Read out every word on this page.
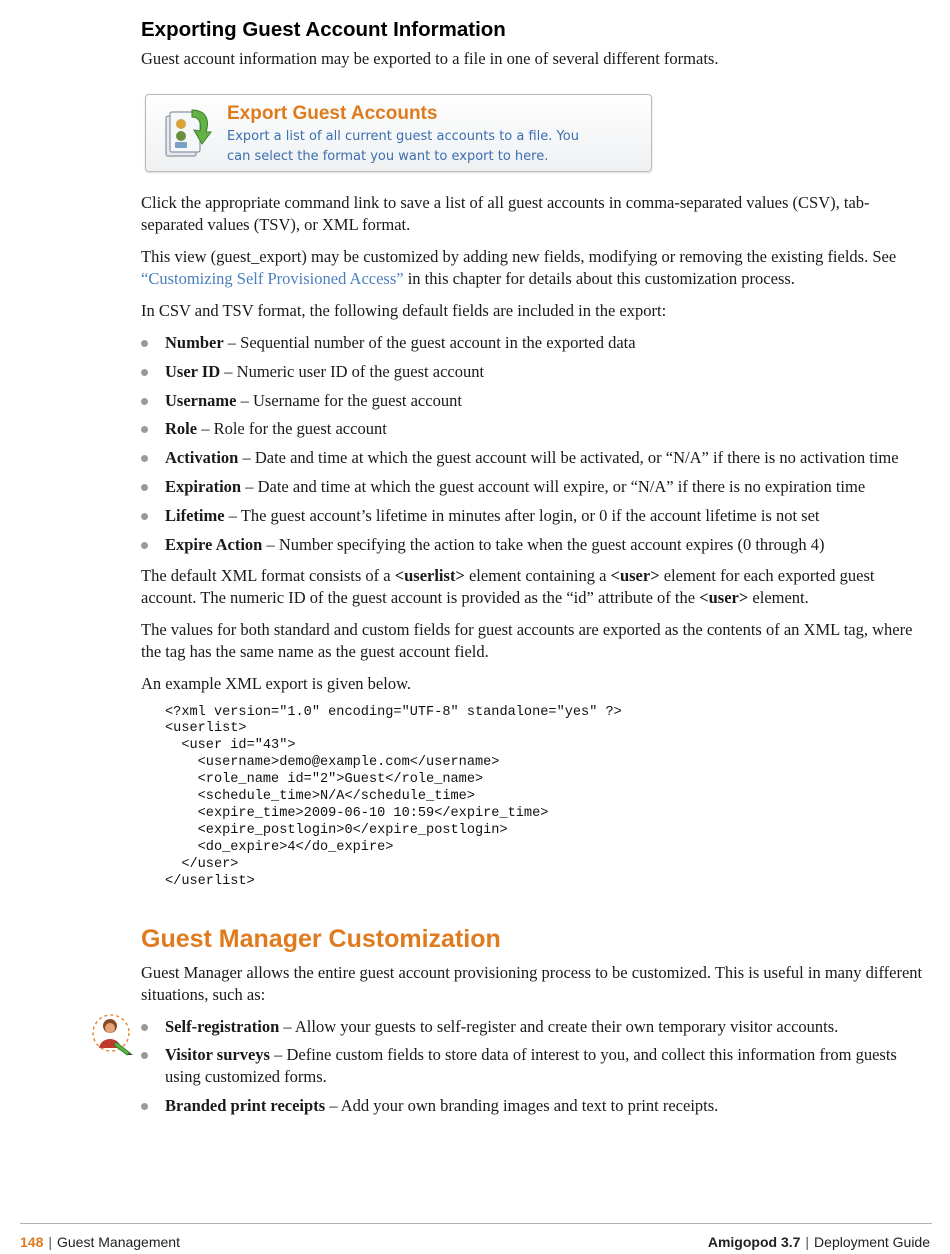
Exporting Guest Account Information

Guest account information may be exported to a file in one of several different formats.

Export Guest Accounts
Export a list of all current guest accounts to a file. You
can select the format you want to export to here.

Click the appropriate command link to save a list of all guest accounts in comma-separated values (CSV), tab-separated values (TSV), or XML format.

This view (guest_export) may be customized by adding new fields, modifying or removing the existing fields. See “Customizing Self Provisioned Access” in this chapter for details about this customization process.

In CSV and TSV format, the following default fields are included in the export:

Number – Sequential number of the guest account in the exported data
User ID – Numeric user ID of the guest account
Username – Username for the guest account
Role – Role for the guest account
Activation – Date and time at which the guest account will be activated, or “N/A” if there is no activation time
Expiration – Date and time at which the guest account will expire, or “N/A” if there is no expiration time
Lifetime – The guest account’s lifetime in minutes after login, or 0 if the account lifetime is not set
Expire Action – Number specifying the action to take when the guest account expires (0 through 4)

The default XML format consists of a <userlist> element containing a <user> element for each exported guest account. The numeric ID of the guest account is provided as the “id” attribute of the <user> element.

The values for both standard and custom fields for guest accounts are exported as the contents of an XML tag, where the tag has the same name as the guest account field.

An example XML export is given below.

<?xml version="1.0" encoding="UTF-8" standalone="yes" ?>
<userlist>
<user id="43">
<username>demo@example.com</username>
<role_name id="2">Guest</role_name>
<schedule_time>N/A</schedule_time>
<expire_time>2009-06-10 10:59</expire_time>
<expire_postlogin>0</expire_postlogin>
<do_expire>4</do_expire>
</user>
</userlist>
Guest Manager Customization

Guest Manager allows the entire guest account provisioning process to be customized. This is useful in many different situations, such as:

Self-registration – Allow your guests to self-register and create their own temporary visitor accounts.
Visitor surveys – Define custom fields to store data of interest to you, and collect this information from guests using customized forms.
Branded print receipts – Add your own branding images and text to print receipts.
148 | Guest Management	Amigopod 3.7 | Deployment Guide
